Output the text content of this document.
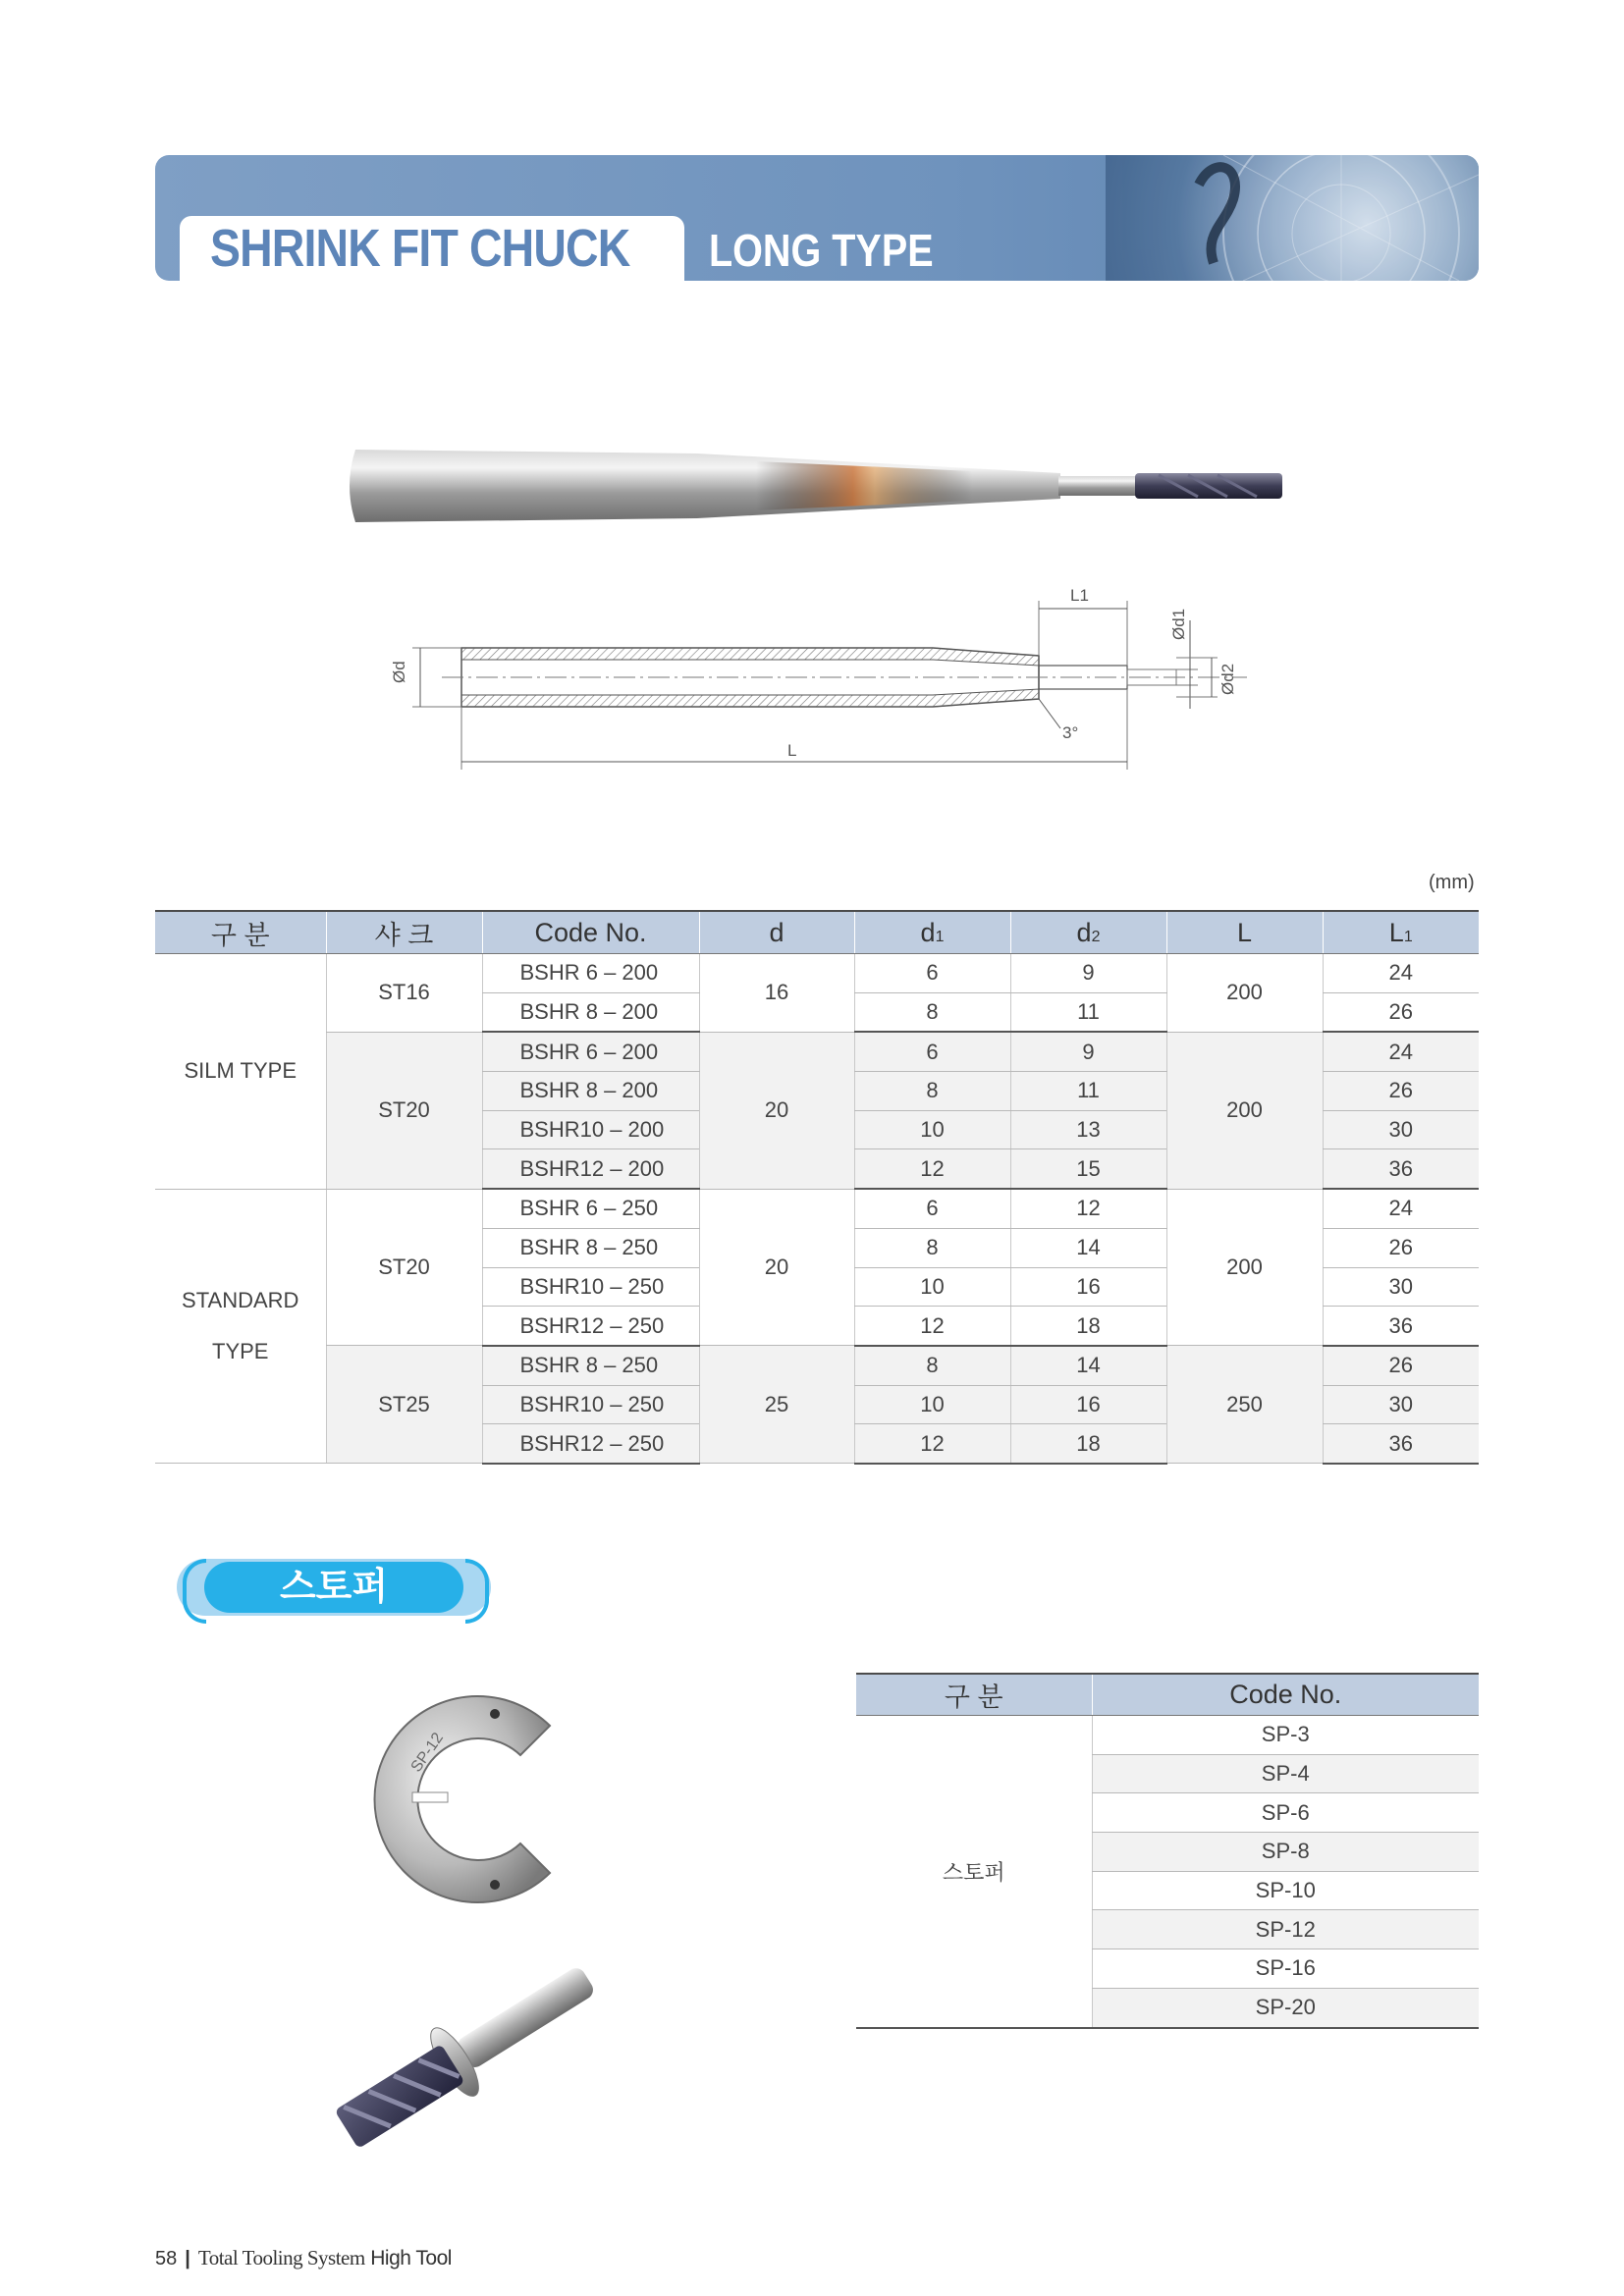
SHRINK FIT CHUCK LONG TYPE
Ød
L1
Ød1
Ød2
3°
L
(mm)
구 분	샤 크	Code No.	d	d1	d2	L	L1
SILM TYPE	ST16	BSHR 6 – 200	16	6	9	200	24
		BSHR 8 – 200		8	11		26
	ST20	BSHR 6 – 200	20	6	9	200	24
		BSHR 8 – 200		8	11		26
		BSHR10 – 200		10	13		30
		BSHR12 – 200		12	15		36
STANDARD

TYPE	ST20	BSHR 6 – 250	20	6	12	200	24
		BSHR 8 – 250		8	14		26
		BSHR10 – 250		10	16		30
		BSHR12 – 250		12	18		36
	ST25	BSHR 8 – 250	25	8	14	250	26
		BSHR10 – 250		10	16		30
		BSHR12 – 250		12	18		36
스토퍼
SP-12
구 분	Code No.
스토퍼	SP-3
	SP-4
	SP-6
	SP-8
	SP-10
	SP-12
	SP-16
	SP-20
58 | Total Tooling System High Tool
